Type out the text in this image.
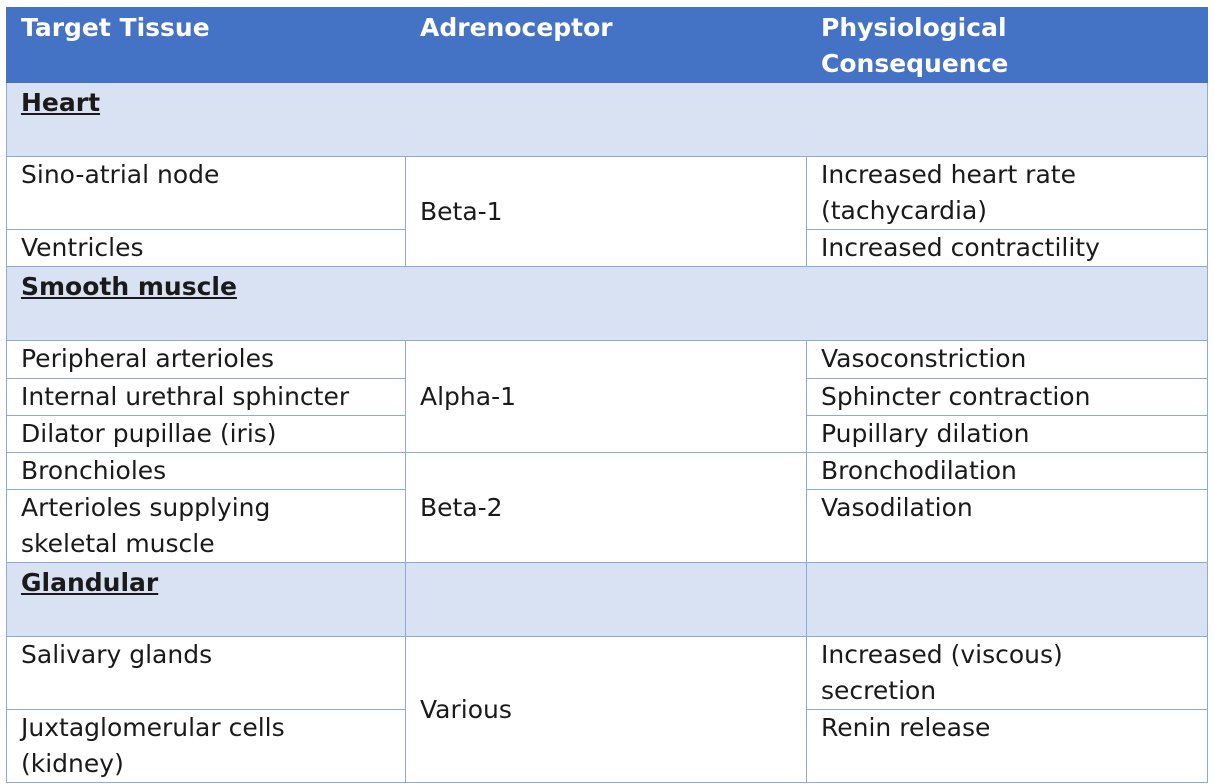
Target Tissue	Adrenoceptor	Physiological
Consequence
Heart		
Sino-atrial node	Beta-1	Increased heart rate
(tachycardia)
Ventricles		Increased contractility
Smooth muscle		
Peripheral arterioles	Alpha-1	Vasoconstriction
Internal urethral sphincter		Sphincter contraction
Dilator pupillae (iris)		Pupillary dilation
Bronchioles	Beta-2	Bronchodilation
Arterioles supplying
skeletal muscle		Vasodilation
Glandular		
Salivary glands	Various	Increased (viscous)
secretion
Juxtaglomerular cells
(kidney)		Renin release
